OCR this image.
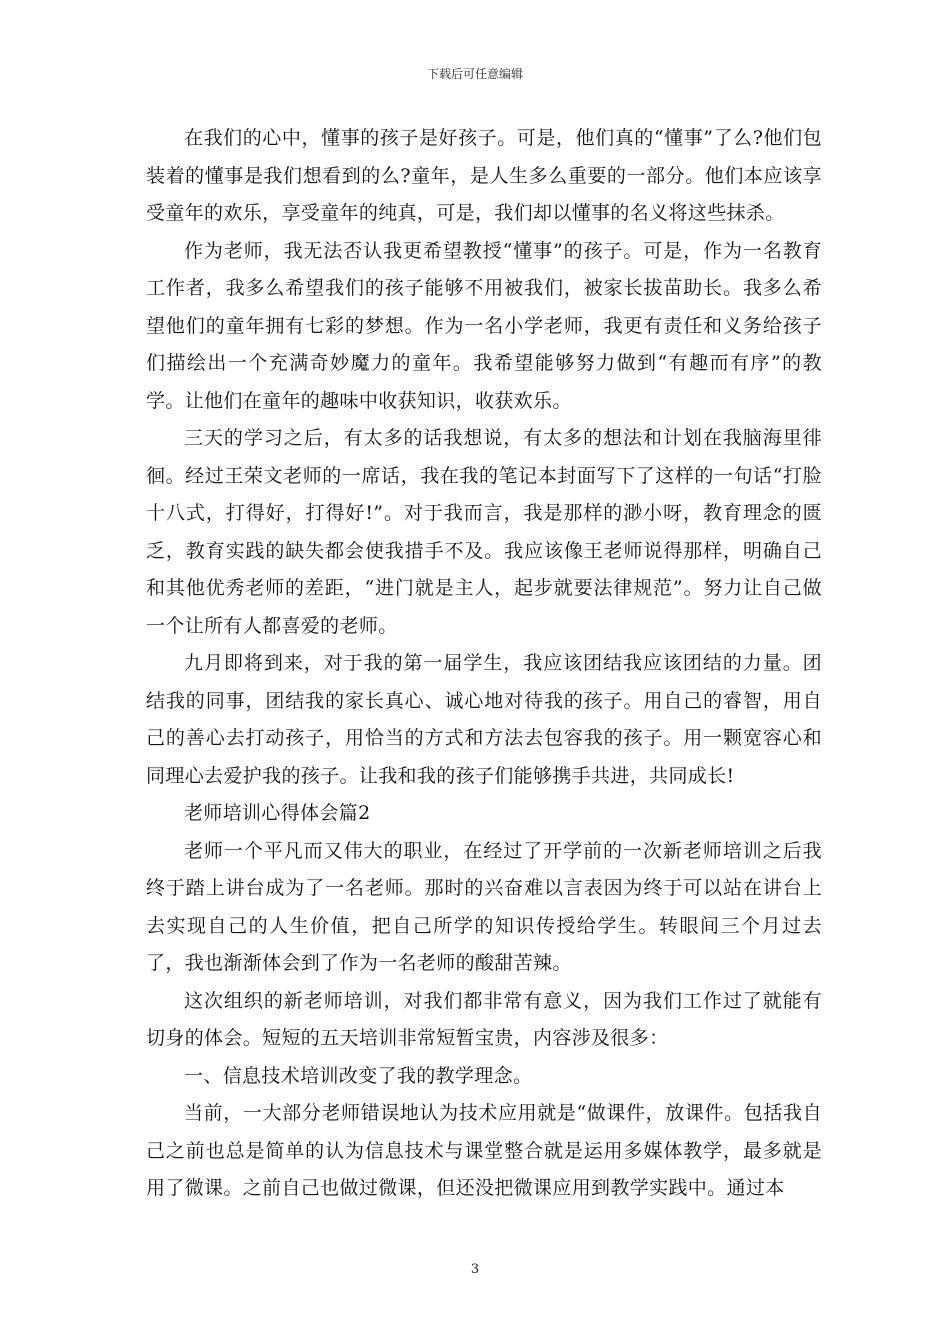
下载后可任意编辑

在我们的心中，懂事的孩子是好孩子。可是，他们真的“懂事”了么?他们包装着的懂事是我们想看到的么?童年，是人生多么重要的一部分。他们本应该享受童年的欢乐，享受童年的纯真，可是，我们却以懂事的名义将这些抹杀。

作为老师，我无法否认我更希望教授“懂事”的孩子。可是，作为一名教育工作者，我多么希望我们的孩子能够不用被我们，被家长拔苗助长。我多么希望他们的童年拥有七彩的梦想。作为一名小学老师，我更有责任和义务给孩子们描绘出一个充满奇妙魔力的童年。我希望能够努力做到“有趣而有序”的教学。让他们在童年的趣味中收获知识，收获欢乐。

三天的学习之后，有太多的话我想说，有太多的想法和计划在我脑海里徘徊。经过王荣文老师的一席话，我在我的笔记本封面写下了这样的一句话“打脸十八式，打得好，打得好!”。对于我而言，我是那样的渺小呀，教育理念的匮乏，教育实践的缺失都会使我措手不及。我应该像王老师说得那样，明确自己和其他优秀老师的差距，“进门就是主人，起步就要法律规范”。努力让自己做一个让所有人都喜爱的老师。

九月即将到来，对于我的第一届学生，我应该团结我应该团结的力量。团结我的同事，团结我的家长真心、诚心地对待我的孩子。用自己的睿智，用自己的善心去打动孩子，用恰当的方式和方法去包容我的孩子。用一颗宽容心和同理心去爱护我的孩子。让我和我的孩子们能够携手共进，共同成长!

老师培训心得体会篇2

老师一个平凡而又伟大的职业，在经过了开学前的一次新老师培训之后我终于踏上讲台成为了一名老师。那时的兴奋难以言表因为终于可以站在讲台上去实现自己的人生价值，把自己所学的知识传授给学生。转眼间三个月过去了，我也渐渐体会到了作为一名老师的酸甜苦辣。

这次组织的新老师培训，对我们都非常有意义，因为我们工作过了就能有切身的体会。短短的五天培训非常短暂宝贵，内容涉及很多：

一、信息技术培训改变了我的教学理念。

当前，一大部分老师错误地认为技术应用就是“做课件，放课件。包括我自己之前也总是简单的认为信息技术与课堂整合就是运用多媒体教学，最多就是用了微课。之前自己也做过微课，但还没把微课应用到教学实践中。通过本

3
